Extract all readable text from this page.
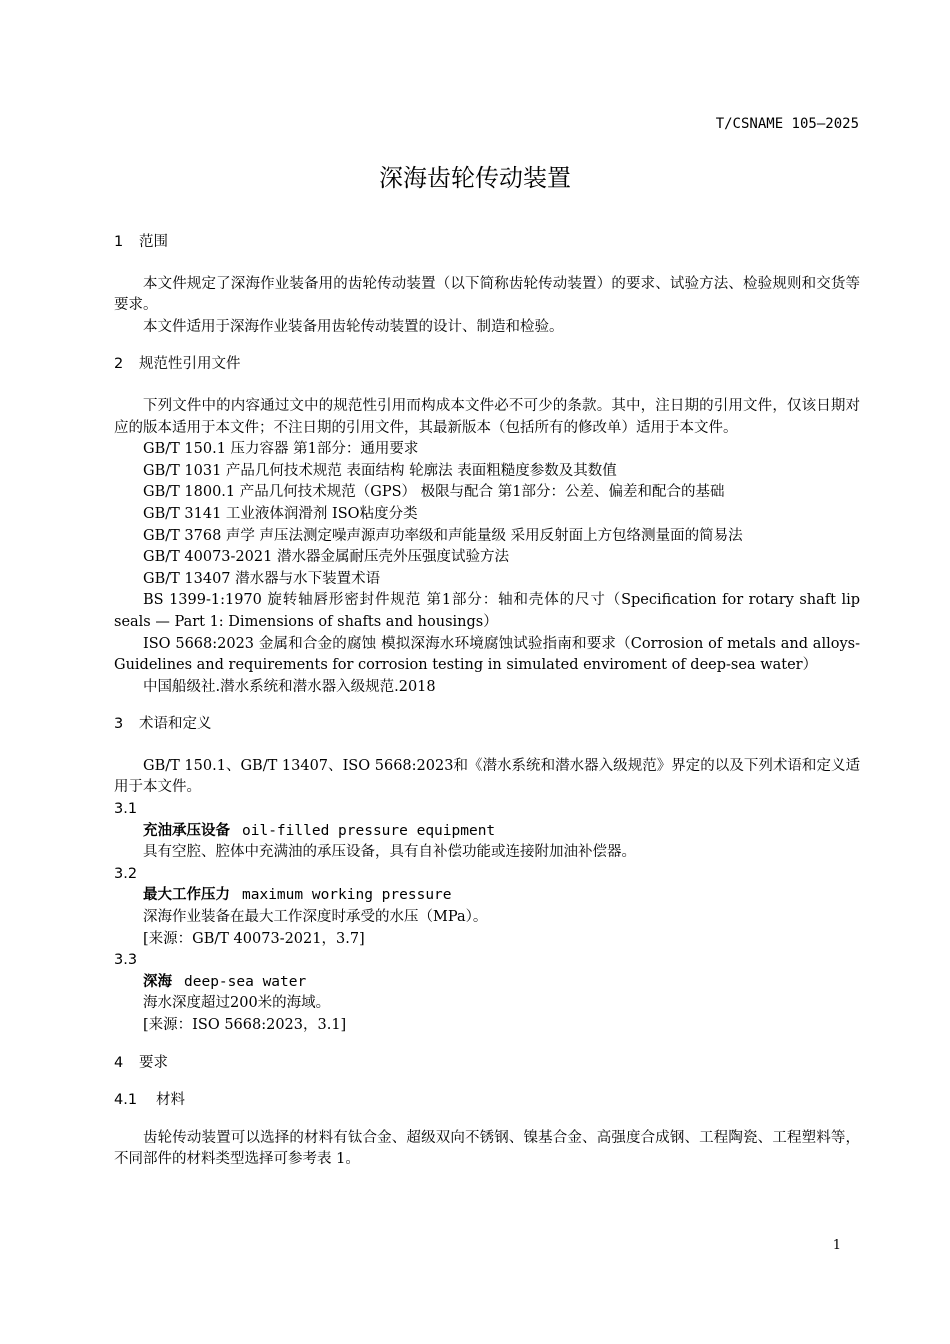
T/CSNAME 105—2025
深海齿轮传动装置
1 范围

本文件规定了深海作业装备用的齿轮传动装置（以下简称齿轮传动装置）的要求、试验方法、检验规则和交货等要求。

本文件适用于深海作业装备用齿轮传动装置的设计、制造和检验。

2 规范性引用文件

下列文件中的内容通过文中的规范性引用而构成本文件必不可少的条款。其中，注日期的引用文件，仅该日期对应的版本适用于本文件；不注日期的引用文件，其最新版本（包括所有的修改单）适用于本文件。

GB/T 150.1 压力容器 第1部分：通用要求

GB/T 1031 产品几何技术规范 表面结构 轮廓法 表面粗糙度参数及其数值

GB/T 1800.1 产品几何技术规范（GPS） 极限与配合 第1部分：公差、偏差和配合的基础

GB/T 3141 工业液体润滑剂 ISO粘度分类

GB/T 3768 声学 声压法测定噪声源声功率级和声能量级 采用反射面上方包络测量面的简易法

GB/T 40073-2021 潜水器金属耐压壳外压强度试验方法

GB/T 13407 潜水器与水下装置术语

BS 1399-1:1970 旋转轴唇形密封件规范 第1部分：轴和壳体的尺寸（Specification for rotary shaft lip seals — Part 1: Dimensions of shafts and housings）

ISO 5668:2023 金属和合金的腐蚀 模拟深海水环境腐蚀试验指南和要求（Corrosion of metals and alloys-Guidelines and requirements for corrosion testing in simulated enviroment of deep-sea water）

中国船级社.潜水系统和潜水器入级规范.2018

3 术语和定义

GB/T 150.1、GB/T 13407、ISO 5668:2023和《潜水系统和潜水器入级规范》界定的以及下列术语和定义适用于本文件。

3.1

充油承压设备 oil-filled pressure equipment

具有空腔、腔体中充满油的承压设备，具有自补偿功能或连接附加油补偿器。

3.2

最大工作压力 maximum working pressure

深海作业装备在最大工作深度时承受的水压（MPa）。

[来源：GB/T 40073-2021，3.7]

3.3

深海 deep-sea water

海水深度超过200米的海域。

[来源：ISO 5668:2023，3.1]

4 要求
4.1 材料

齿轮传动装置可以选择的材料有钛合金、超级双向不锈钢、镍基合金、高强度合成钢、工程陶瓷、工程塑料等，不同部件的材料类型选择可参考表 1。

1
